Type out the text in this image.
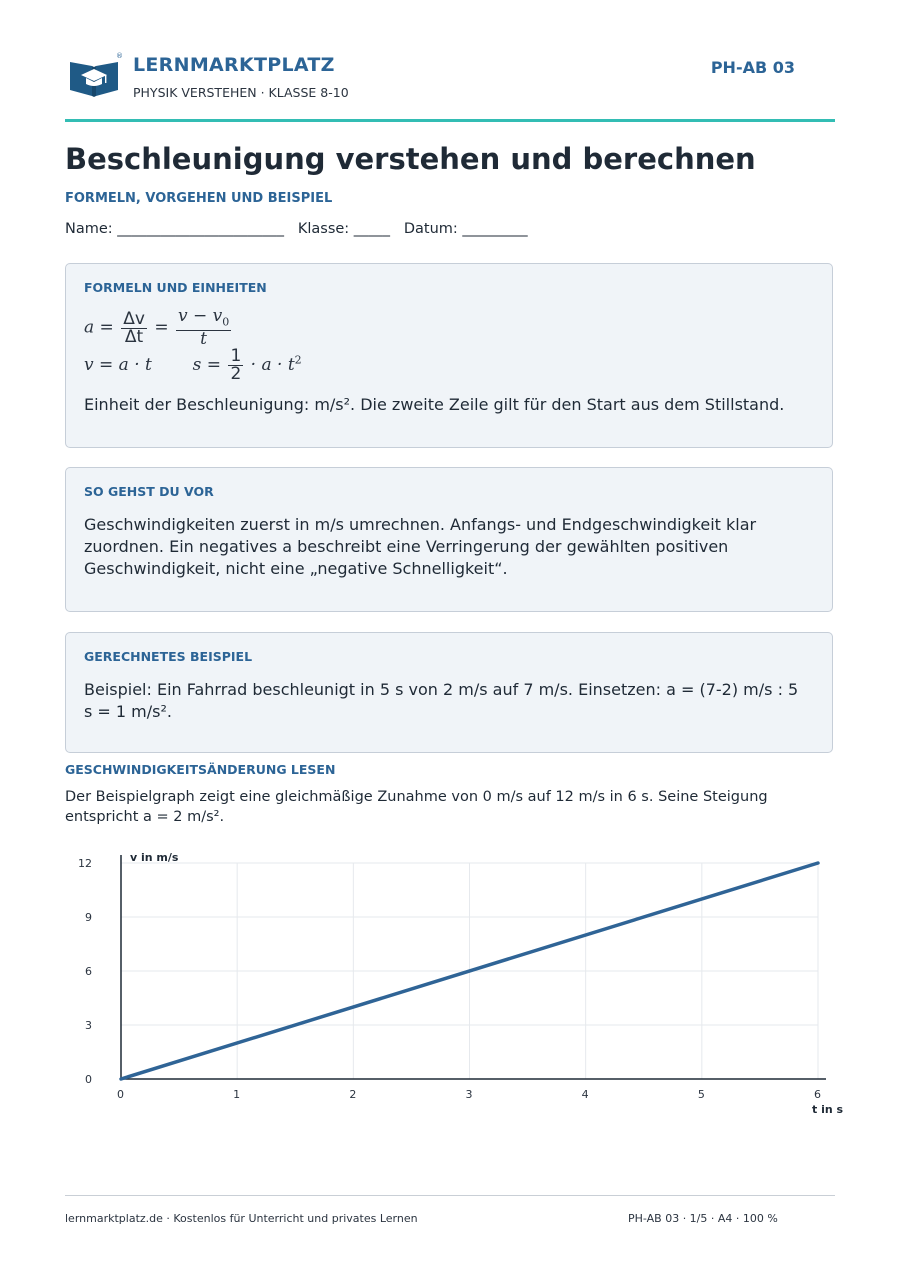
® LERNMARKTPLATZ
PHYSIK VERSTEHEN · KLASSE 8-10
PH-AB 03
Beschleunigung verstehen und berechnen
FORMELN, VORGEHEN UND BEISPIEL
Name: _______________________   Klasse: _____   Datum: _________
FORMELN UND EINHEITEN
$a = \frac{\Delta v}{\Delta t} = \frac{v - v_0}{t}$
v = a · t $s = \frac{1}{2} \cdot a \cdot t^2$
Einheit der Beschleunigung: m/s². Die zweite Zeile gilt für den Start aus dem Stillstand.
SO GEHST DU VOR
Geschwindigkeiten zuerst in m/s umrechnen. Anfangs- und Endgeschwindigkeit klar zuordnen. Ein negatives a beschreibt eine Verringerung der gewählten positiven Geschwindigkeit, nicht eine „negative Schnelligkeit“.
GERECHNETES BEISPIEL
Beispiel: Ein Fahrrad beschleunigt in 5 s von 2 m/s auf 7 m/s. Einsetzen: a = (7-2) m/s : 5 s = 1 m/s².
GESCHWINDIGKEITSÄNDERUNG LESEN
Der Beispielgraph zeigt eine gleichmäßige Zunahme von 0 m/s auf 12 m/s in 6 s. Seine Steigung entspricht a = 2 m/s².
0	1	2	3	4	5	6
0
3
6
9
12	v in m/s
t in s
lernmarktplatz.de · Kostenlos für Unterricht und privates Lernen	PH-AB 03 · 1/5 · A4 · 100 %
